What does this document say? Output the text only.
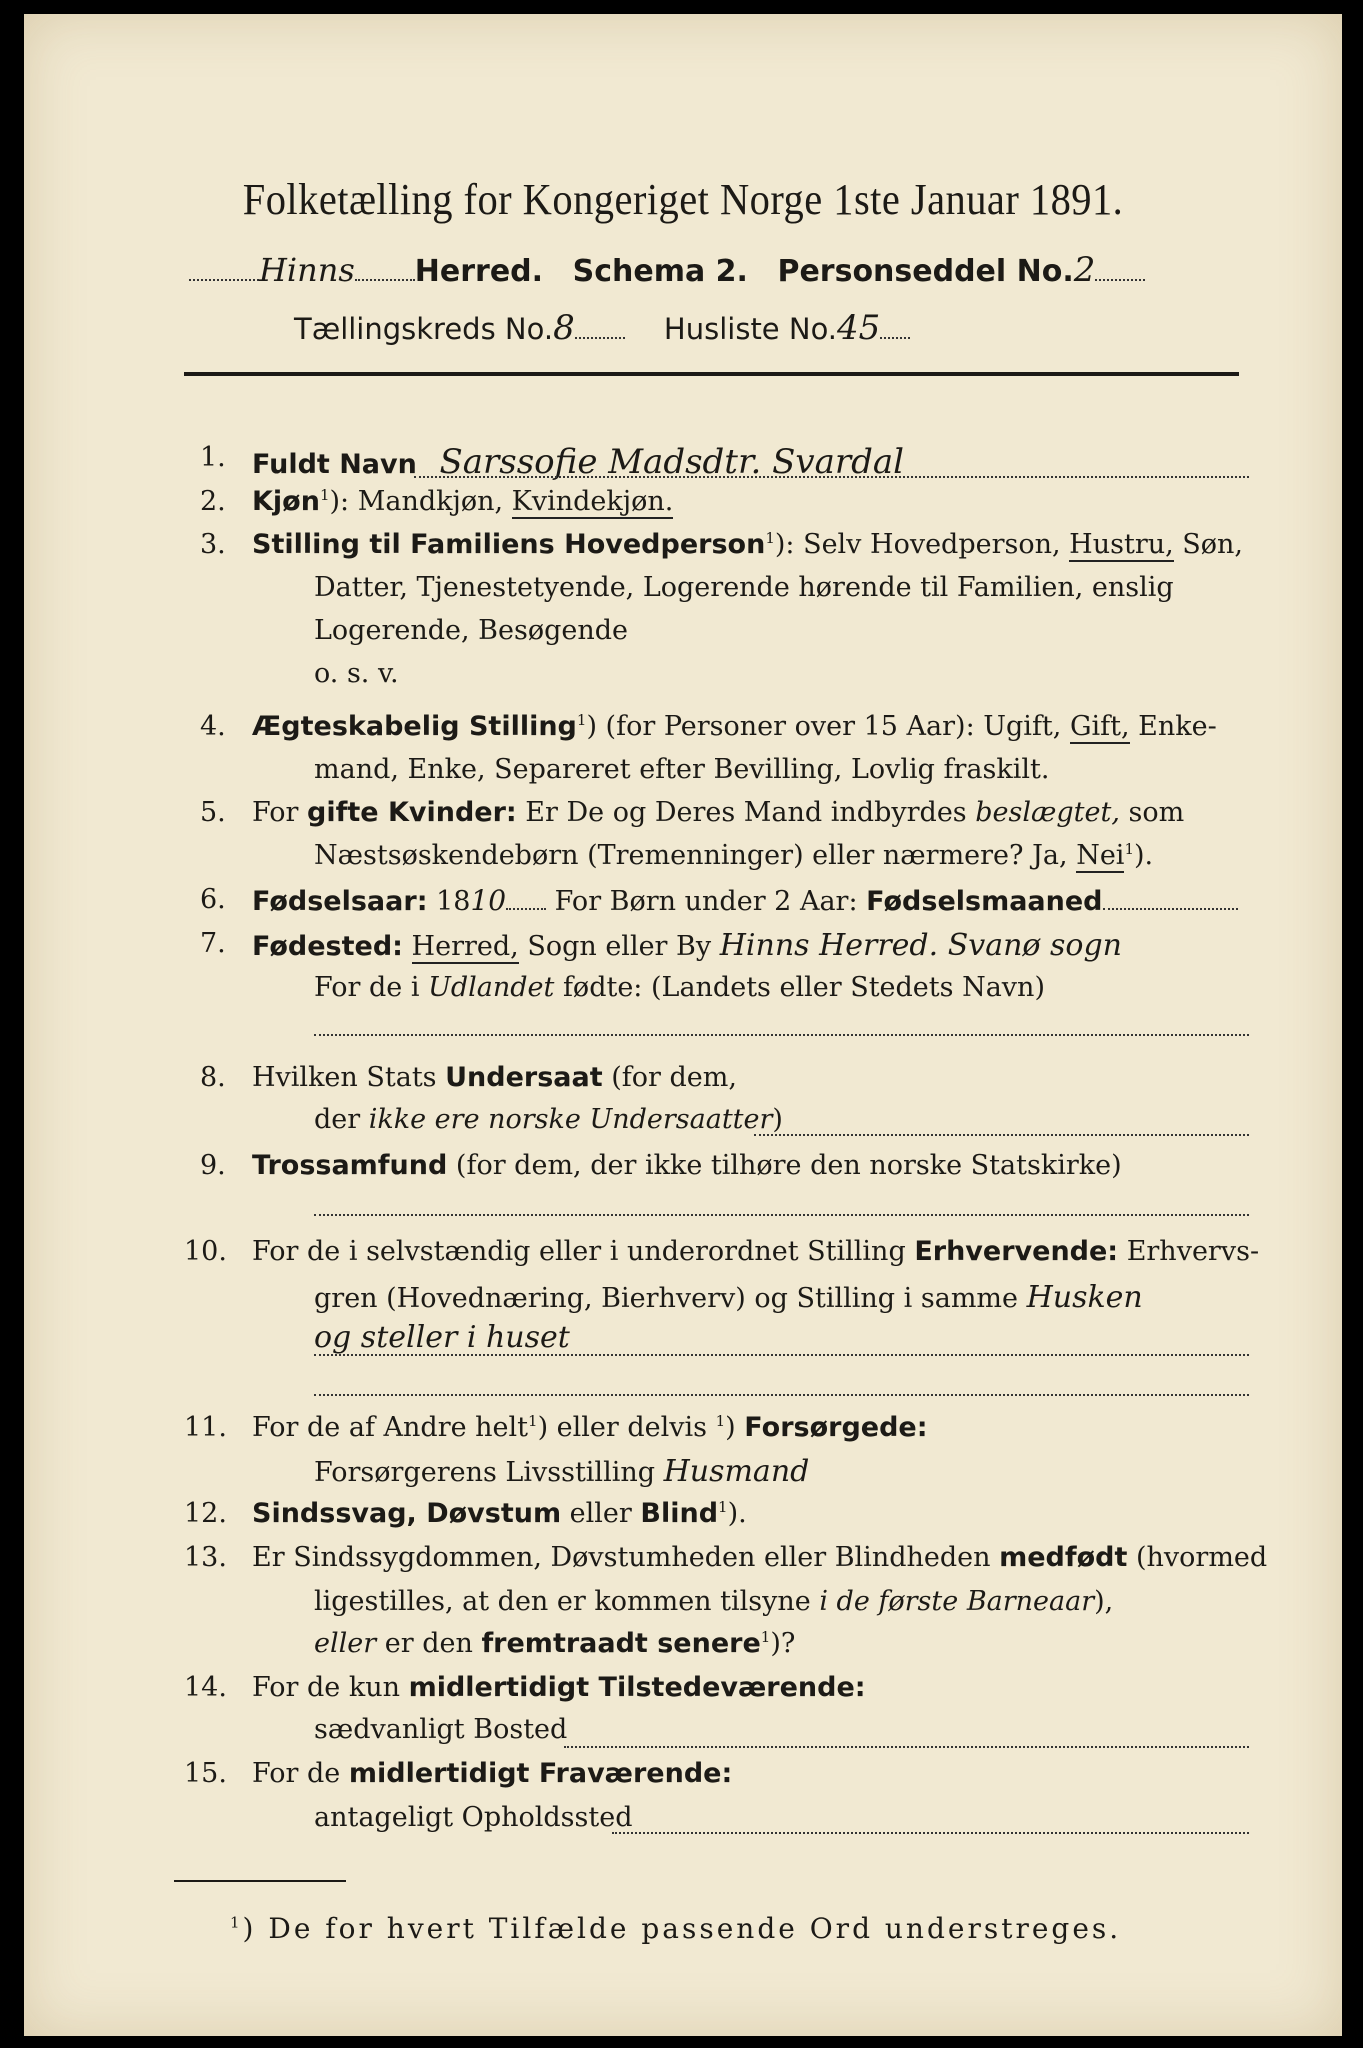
Folketælling for Kongeriget Norge 1ste Januar 1891.
Hinns Herred. Schema 2. Personseddel No.2
Tællingskreds No.8	Husliste No.45
1. Fuldt Navn Sarssofie Madsdtr. Svardal
2. Kjøn$^1$): Mandkjøn, Kvindekjøn.
3. Stilling til Familiens Hovedperson$^1$): Selv Hovedperson, Hustru, Søn,
Datter, Tjenestetyende, Logerende hørende til Familien, enslig
Logerende, Besøgende
o. s. v.
4. Ægteskabelig Stilling$^1$) (for Personer over 15 Aar): Ugift, Gift, Enke-
mand, Enke, Separeret efter Bevilling, Lovlig fraskilt.
5. For gifte Kvinder: Er De og Deres Mand indbyrdes beslægtet, som
Næstsøskendebørn (Tremenninger) eller nærmere? Ja, Nei$^1$).
6. Fødselsaar: 1810 For Børn under 2 Aar: Fødselsmaaned
7. Fødested: Herred, Sogn eller By Hinns Herred. Svanø sogn
For de i Udlandet fødte: (Landets eller Stedets Navn)
8. Hvilken Stats Undersaat (for dem,
der ikke ere norske Undersaatter)
9. Trossamfund (for dem, der ikke tilhøre den norske Statskirke)
10. For de i selvstændig eller i underordnet Stilling Erhvervende: Erhvervs-
gren (Hovednæring, Bierhverv) og Stilling i samme Husken
og steller i huset
11. For de af Andre helt$^1$) eller delvis $^1$) Forsørgede:
Forsørgerens Livsstilling Husmand
12. Sindssvag, Døvstum eller Blind$^1$).
13. Er Sindssygdommen, Døvstumheden eller Blindheden medfødt (hvormed
ligestilles, at den er kommen tilsyne i de første Barneaar),
eller er den fremtraadt senere$^1$)?
14. For de kun midlertidigt Tilstedeværende:
sædvanligt Bosted
15. For de midlertidigt Fraværende:
antageligt Opholdssted
$^1$) De for hvert Tilfælde passende Ord understreges.
